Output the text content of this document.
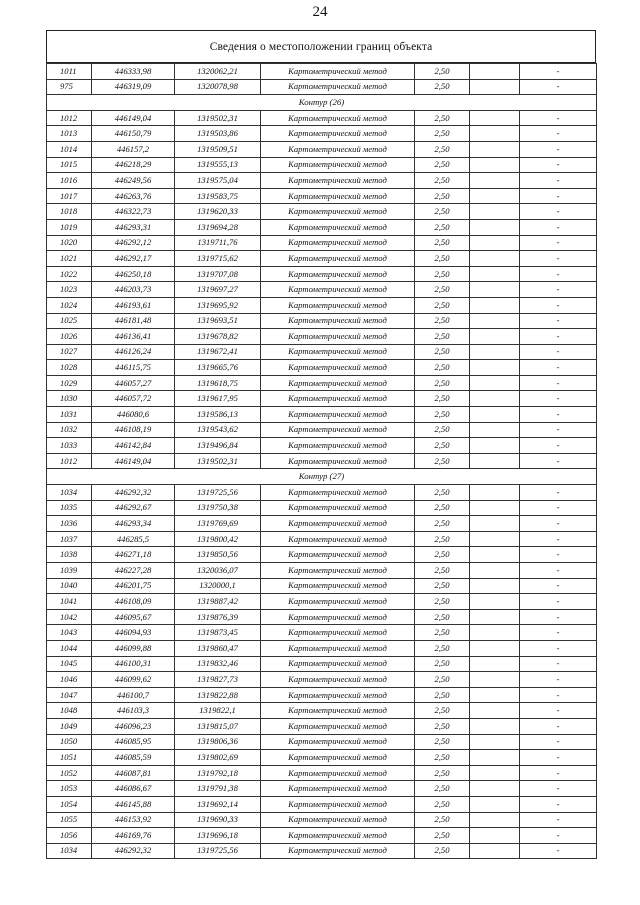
24
Сведения о местоположении границ объекта
1011	446333,98	1320062,21	Картометрический метод	2,50		-
975	446319,09	1320078,98	Картометрический метод	2,50		-
Контур (26)						
1012	446149,04	1319502,31	Картометрический метод	2,50		-
1013	446150,79	1319503,86	Картометрический метод	2,50		-
1014	446157,2	1319509,51	Картометрический метод	2,50		-
1015	446218,29	1319555,13	Картометрический метод	2,50		-
1016	446249,56	1319575,04	Картометрический метод	2,50		-
1017	446263,76	1319583,75	Картометрический метод	2,50		-
1018	446322,73	1319620,33	Картометрический метод	2,50		-
1019	446293,31	1319694,28	Картометрический метод	2,50		-
1020	446292,12	1319711,76	Картометрический метод	2,50		-
1021	446292,17	1319715,62	Картометрический метод	2,50		-
1022	446250,18	1319707,08	Картометрический метод	2,50		-
1023	446203,73	1319697,27	Картометрический метод	2,50		-
1024	446193,61	1319695,92	Картометрический метод	2,50		-
1025	446181,48	1319693,51	Картометрический метод	2,50		-
1026	446136,41	1319678,82	Картометрический метод	2,50		-
1027	446126,24	1319672,41	Картометрический метод	2,50		-
1028	446115,75	1319665,76	Картометрический метод	2,50		-
1029	446057,27	1319618,75	Картометрический метод	2,50		-
1030	446057,72	1319617,95	Картометрический метод	2,50		-
1031	446080,6	1319586,13	Картометрический метод	2,50		-
1032	446108,19	1319543,62	Картометрический метод	2,50		-
1033	446142,84	1319496,84	Картометрический метод	2,50		-
1012	446149,04	1319502,31	Картометрический метод	2,50		-
Контур (27)						
1034	446292,32	1319725,56	Картометрический метод	2,50		-
1035	446292,67	1319750,38	Картометрический метод	2,50		-
1036	446293,34	1319769,69	Картометрический метод	2,50		-
1037	446285,5	1319800,42	Картометрический метод	2,50		-
1038	446271,18	1319850,56	Картометрический метод	2,50		-
1039	446227,28	1320036,07	Картометрический метод	2,50		-
1040	446201,75	1320000,1	Картометрический метод	2,50		-
1041	446108,09	1319887,42	Картометрический метод	2,50		-
1042	446095,67	1319876,39	Картометрический метод	2,50		-
1043	446094,93	1319873,45	Картометрический метод	2,50		-
1044	446099,88	1319860,47	Картометрический метод	2,50		-
1045	446100,31	1319832,46	Картометрический метод	2,50		-
1046	446099,62	1319827,73	Картометрический метод	2,50		-
1047	446100,7	1319822,88	Картометрический метод	2,50		-
1048	446103,3	1319822,1	Картометрический метод	2,50		-
1049	446096,23	1319815,07	Картометрический метод	2,50		-
1050	446085,95	1319806,36	Картометрический метод	2,50		-
1051	446085,59	1319802,69	Картометрический метод	2,50		-
1052	446087,81	1319792,18	Картометрический метод	2,50		-
1053	446086,67	1319791,38	Картометрический метод	2,50		-
1054	446145,88	1319692,14	Картометрический метод	2,50		-
1055	446153,92	1319690,33	Картометрический метод	2,50		-
1056	446169,76	1319696,18	Картометрический метод	2,50		-
1034	446292,32	1319725,56	Картометрический метод	2,50		-
